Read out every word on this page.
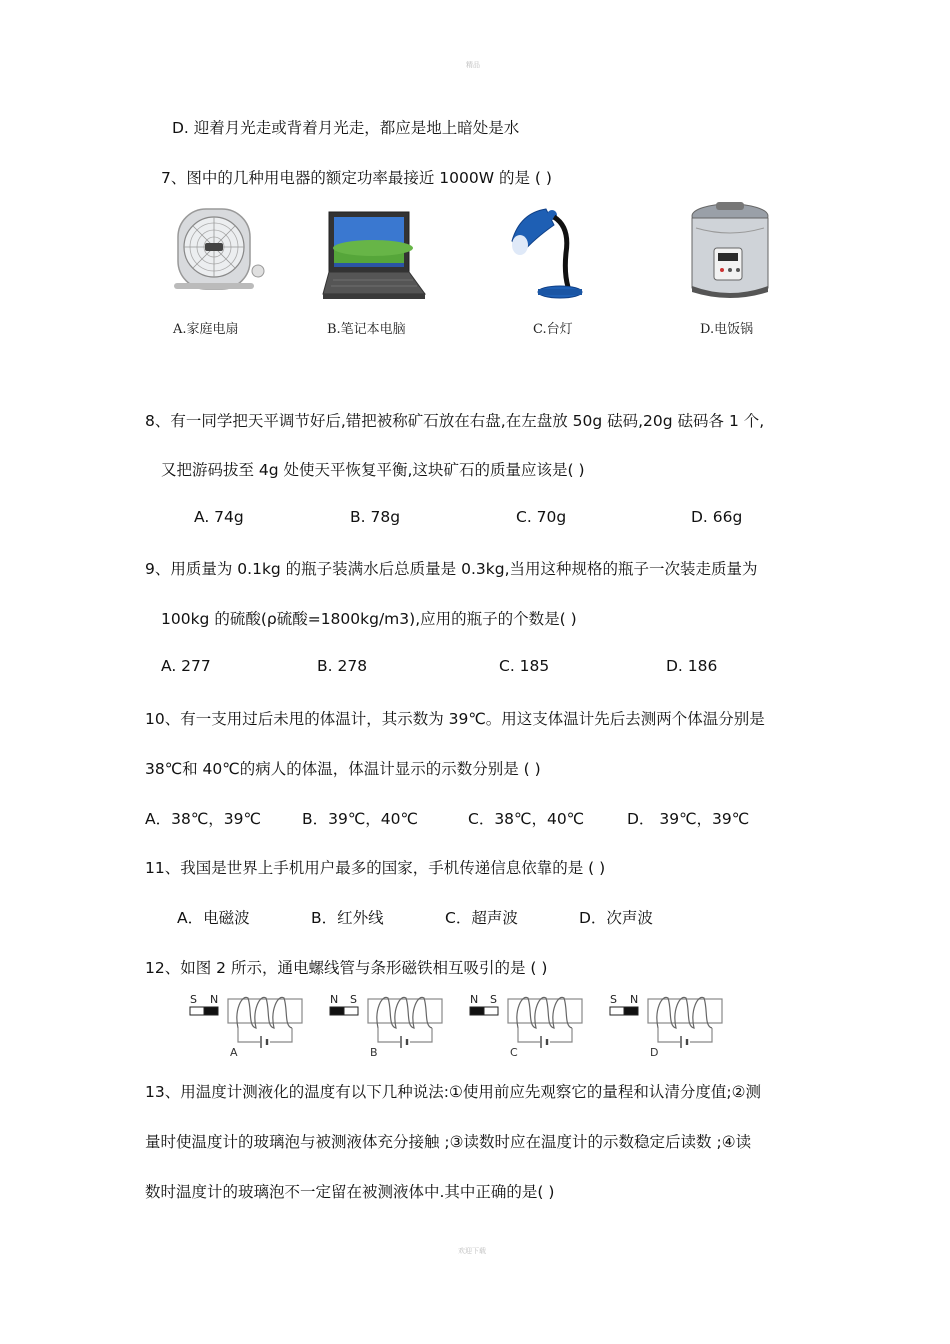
精品
D. 迎着月光走或背着月光走，都应是地上暗处是水
7、图中的几种用电器的额定功率最接近 1000W 的是 ( )
A.家庭电扇	B.笔记本电脑	C.台灯	D.电饭锅
8、有一同学把天平调节好后,错把被称矿石放在右盘,在左盘放 50g 砝码,20g 砝码各 1 个,
又把游码拔至 4g 处使天平恢复平衡,这块矿石的质量应该是( )
A. 74g	B. 78g	C. 70g	D. 66g
9、用质量为 0.1kg 的瓶子装满水后总质量是 0.3kg,当用这种规格的瓶子一次装走质量为
100kg 的硫酸(ρ硫酸=1800kg/m3),应用的瓶子的个数是( )
A. 277	B. 278	C. 185	D. 186
10、有一支用过后未甩的体温计，其示数为 39℃。用这支体温计先后去测两个体温分别是
38℃和 40℃的病人的体温，体温计显示的示数分别是 ( )
A．38℃，39℃	B．39℃，40℃	C．38℃，40℃	D． 39℃，39℃
11、我国是世界上手机用户最多的国家，手机传递信息依靠的是 ( )
A．电磁波	B．红外线	C．超声波	D．次声波
12、如图 2 所示，通电螺线管与条形磁铁相互吸引的是 ( )
S N
A
N S
B
N S
C
S N
D
13、用温度计测液化的温度有以下几种说法:①使用前应先观察它的量程和认清分度值;②测
量时使温度计的玻璃泡与被测液体充分接触 ;③读数时应在温度计的示数稳定后读数 ;④读
数时温度计的玻璃泡不一定留在被测液体中.其中正确的是( )
欢迎下载
